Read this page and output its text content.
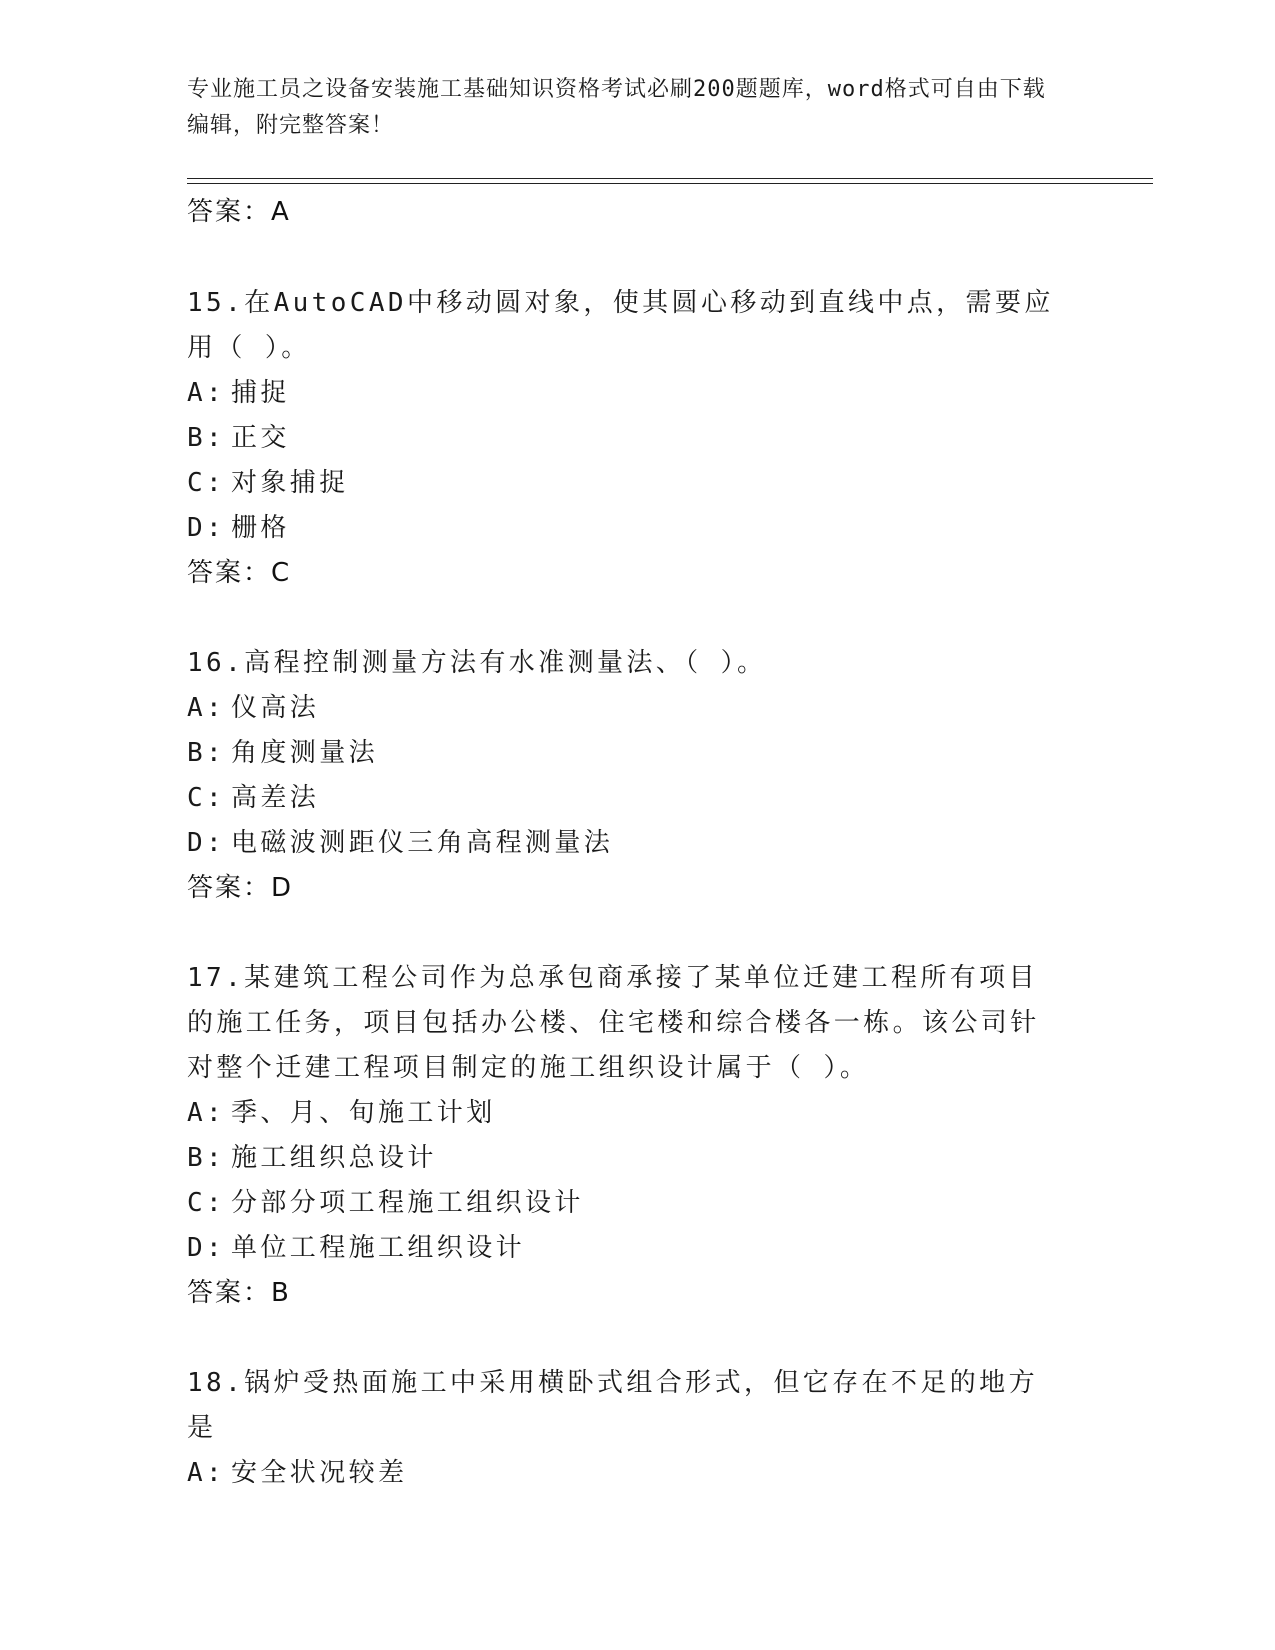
专业施工员之设备安装施工基础知识资格考试必刷200题题库，word格式可自由下载编辑，附完整答案！
答案：A
15.在AutoCAD中移动圆对象，使其圆心移动到直线中点，需要应用（ ）。
A: 捕捉
B: 正交
C: 对象捕捉
D: 栅格
答案：C
16.高程控制测量方法有水准测量法、（ ）。
A: 仪高法
B: 角度测量法
C: 高差法
D: 电磁波测距仪三角高程测量法
答案：D
17.某建筑工程公司作为总承包商承接了某单位迁建工程所有项目的施工任务，项目包括办公楼、住宅楼和综合楼各一栋。该公司针对整个迁建工程项目制定的施工组织设计属于（ ）。
A: 季、月、旬施工计划
B: 施工组织总设计
C: 分部分项工程施工组织设计
D: 单位工程施工组织设计
答案：B
18.锅炉受热面施工中采用横卧式组合形式，但它存在不足的地方是
A: 安全状况较差
